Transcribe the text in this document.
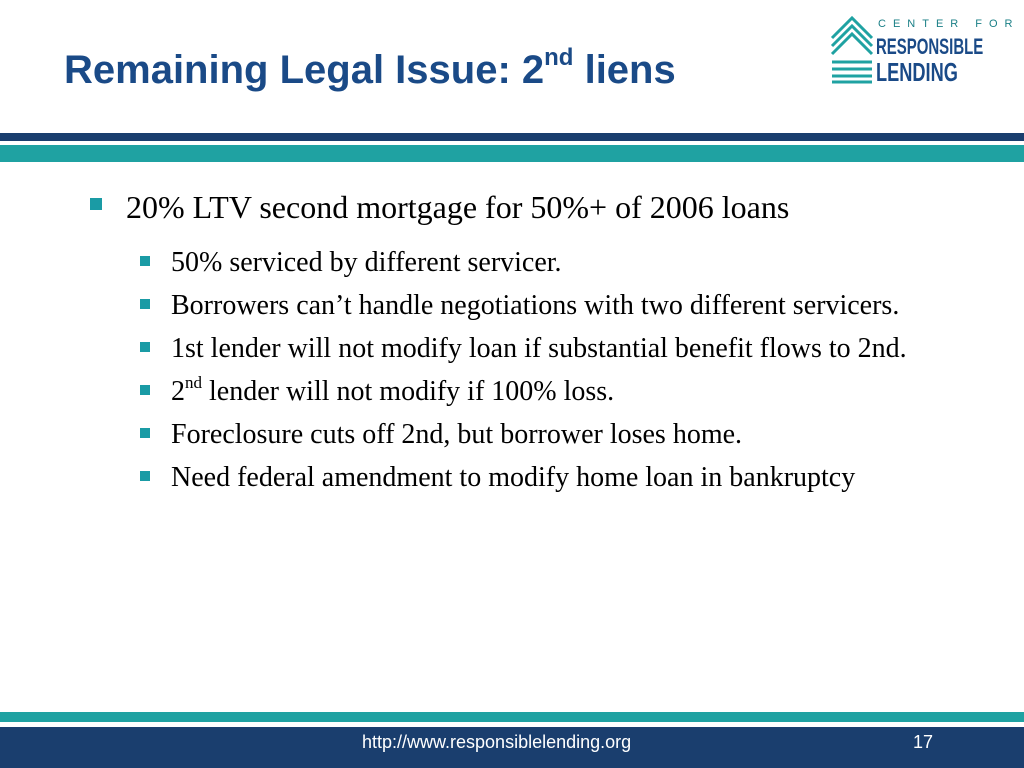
Remaining Legal Issue: 2nd liens
CENTER FOR
RESPONSIBLE
LENDING
20% LTV second mortgage for 50%+ of 2006 loans
50% serviced by different servicer.
Borrowers can’t handle negotiations with two different servicers.
1st lender will not modify loan if substantial benefit flows to 2nd.
2nd lender will not modify if 100% loss.
Foreclosure cuts off 2nd, but borrower loses home.
Need federal amendment to modify home loan in bankruptcy
http://www.responsiblelending.org	17
